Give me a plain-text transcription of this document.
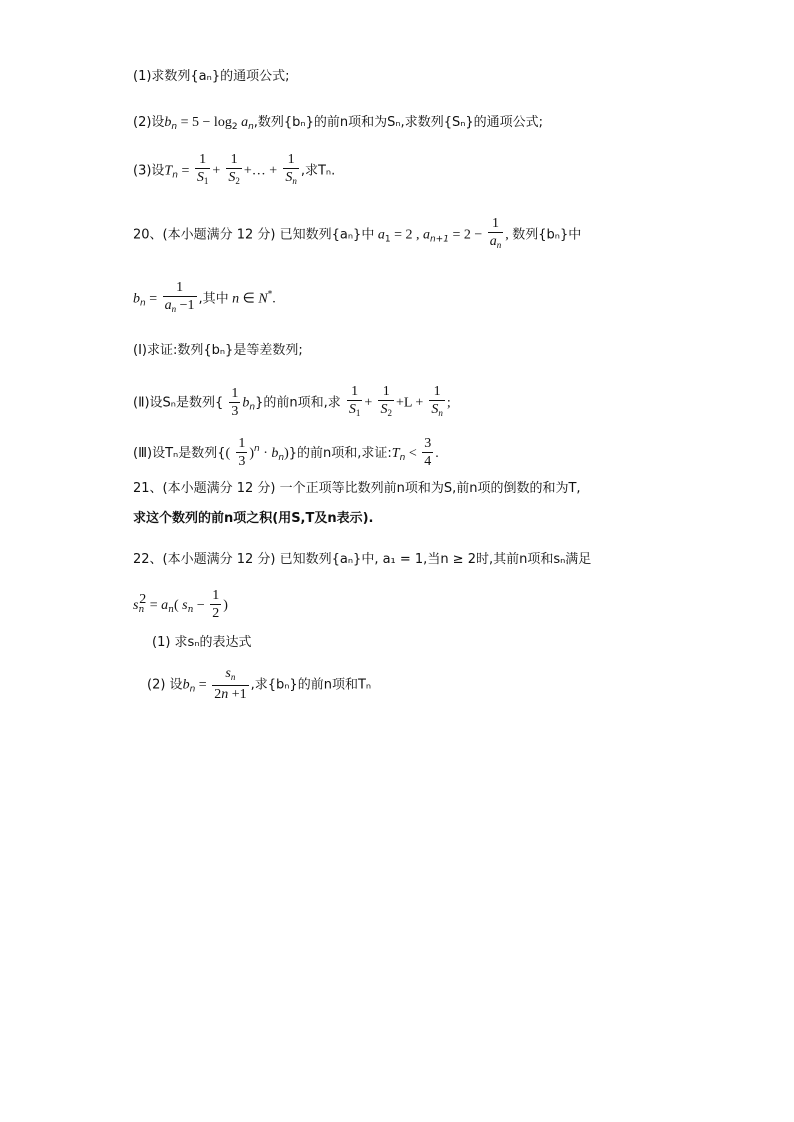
(1)求数列{aₙ}的通项公式;
(2)设$b_n = 5 - \log_2 a_n$,数列{bₙ}的前n项和为Sₙ,求数列{Sₙ}的通项公式;
(3)设$T_n = \frac{1}{S_1} + \frac{1}{S_2}$ +… + $\frac{1}{S_n}$ ,求Tₙ.
20、(本小题满分 12 分) 已知数列{aₙ}中 $a_1 = 2$ , $a_{n+1} = 2 - \frac{1}{a_n}$ , 数列{bₙ}中
$b_n = \frac{1}{a_n -1}$ ,其中 n ∈ N*.
(Ⅰ)求证:数列{bₙ}是等差数列;
(Ⅱ)设Sₙ是数列{ $\frac{1}{3} b_n$}的前n项和,求 $\frac{1}{S_1} + \frac{1}{S_2} +L + \frac{1}{S_n}$ ;
(Ⅲ)设Tₙ是数列{( $\frac{1}{3} )^n \cdot b_n$)}的前n项和,求证$:T_n < \frac{3}{4}$ .
21、(本小题满分 12 分) 一个正项等比数列前n项和为S,前n项的倒数的和为T,
求这个数列的前n项之积(用S,T及n表示).
22、(本小题满分 12 分) 已知数列{aₙ}中, a₁ = 1,当n ≥ 2时,其前n项和sₙ满足
$s_n^2 = a_n$( $s_n - \frac{1}{2}$ )
(1) 求sₙ的表达式
(2) 设$b_n = \frac{s_n}{2n +1}$ ,求{bₙ}的前n项和Tₙ
